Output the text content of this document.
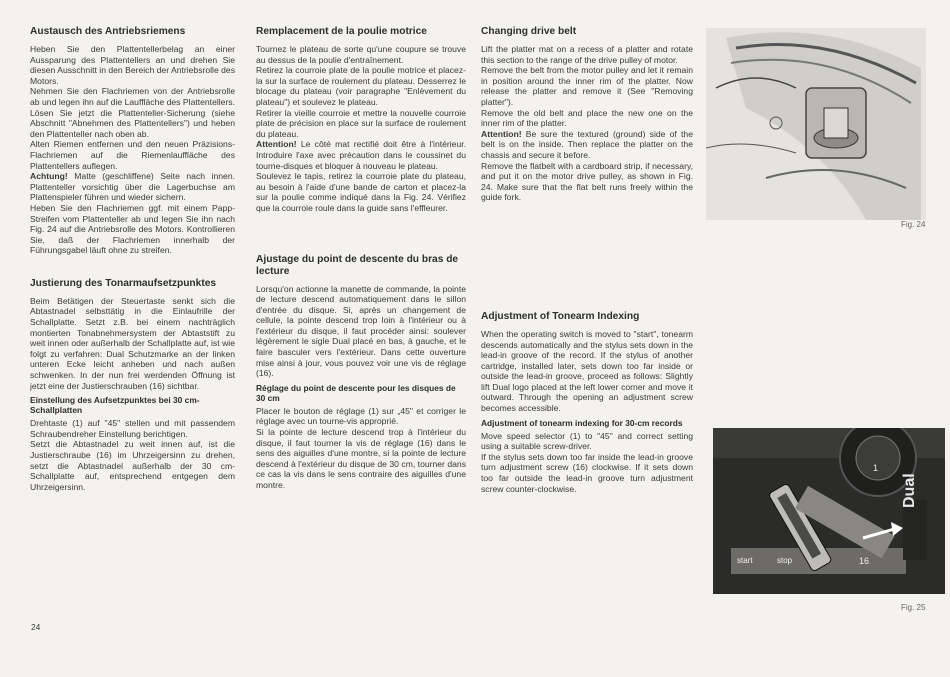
Austausch des Antriebsriemens

Heben Sie den Plattentellerbelag an einer Aussparung des Plattentellers an und drehen Sie diesen Ausschnitt in den Bereich der Antriebsrolle des Motors.

Nehmen Sie den Flachriemen von der Antriebsrolle ab und legen ihn auf die Lauffläche des Plattentellers. Lösen Sie jetzt die Plattenteller-Sicherung (siehe Abschnitt "Abnehmen des Plattentellers") und heben den Plattenteller nach oben ab.

Alten Riemen entfernen und den neuen Präzisions-Flachriemen auf die Riemenlauffläche des Plattentellers auflegen.

Achtung! Matte (geschliffene) Seite nach innen. Plattenteller vorsichtig über die Lagerbuchse am Plattenspieler führen und wieder sichern.

Heben Sie den Flachriemen ggf. mit einem Papp-Streifen vom Plattenteller ab und legen Sie ihn nach Fig. 24 auf die Antriebsrolle des Motors. Kontrollieren Sie, daß der Flachriemen innerhalb der Führungsgabel läuft ohne zu streifen.

Justierung des Tonarmaufsetzpunktes

Beim Betätigen der Steuertaste senkt sich die Abtastnadel selbsttätig in die Einlaufrille der Schallplatte. Setzt z.B. bei einem nachträglich montierten Tonabnehmersystem der Abtaststift zu weit innen oder außerhalb der Schallplatte auf, ist wie folgt zu verfahren: Dual Schutzmarke an der linken unteren Ecke leicht anheben und nach außen schwenken. In der nun frei werdenden Öffnung ist jetzt eine der Justierschrauben (16) sichtbar.

Einstellung des Aufsetzpunktes bei 30 cm-Schallplatten

Drehtaste (1) auf "45" stellen und mit passendem Schraubendreher Einstellung berichtigen.

Setzt die Abtastnadel zu weit innen auf, ist die Justierschraube (16) im Uhrzeigersinn zu drehen, setzt die Abtastnadel außerhalb der 30 cm-Schallplatte auf, entsprechend entgegen dem Uhrzeigersinn.

Remplacement de la poulie motrice

Tournez le plateau de sorte qu'une coupure se trouve au dessus de la poulie d'entraînement.

Retirez la courroie plate de la poulie motrice et placez-la sur la surface de roulement du plateau. Desserrez le blocage du plateau (voir paragraphe "Enlèvement du plateau") et soulevez le plateau.

Retirer la vieille courroie et mettre la nouvelle courroie plate de précision en place sur la surface de roulement du plateau.

Attention! Le côté mat rectifié doit être à l'intérieur. Introduire l'axe avec précaution dans le coussinet du tourne-disques et bloquer à nouveau le plateau.

Soulevez le tapis, retirez la courroie plate du plateau, au besoin à l'aide d'une bande de carton et placez-la sur la poulie comme indiqué dans la Fig. 24. Vérifiez que la courroie roule dans la guide sans l'effleurer.

Ajustage du point de descente du bras de lecture

Lorsqu'on actionne la manette de commande, la pointe de lecture descend automatiquement dans le sillon d'entrée du disque. Si, après un changement de cellule, la pointe descend trop loin à l'intérieur ou à l'extérieur du disque, il faut procéder ainsi: soulever légèrement le sigle Dual placé en bas, à gauche, et le faire basculer vers l'extérieur. Dans cette ouverture mise ainsi à jour, vous pouvez voir une vis de réglage (16).

Réglage du point de descente pour les disques de 30 cm

Placer le bouton de réglage (1) sur „45" et corriger le réglage avec un tourne-vis approprié.

Si la pointe de lecture descend trop à l'intérieur du disque, il faut tourner la vis de réglage (16) dans le sens des aiguilles d'une montre, si la pointe de lecture descend à l'extérieur du disque de 30 cm, tourner dans ce cas la vis dans le sens contraire des aiguilles d'une montre.

Changing drive belt

Lift the platter mat on a recess of a platter and rotate this section to the range of the drive pulley of motor.

Remove the belt from the motor pulley and let it remain in position around the inner rim of the platter. Now release the platter and remove it (See "Removing platter").

Remove the old belt and place the new one on the inner rim of the platter.

Attention! Be sure the textured (ground) side of the belt is on the inside. Then replace the platter on the chassis and secure it before.

Remove the flatbelt with a cardboard strip, if necessary, and put it on the motor drive pulley, as shown in Fig. 24. Make sure that the flat belt runs freely within the guide fork.

Adjustment of Tonearm Indexing

When the operating switch is moved to "start", tonearm descends automatically and the stylus sets down in the lead-in groove of the record. If the stylus of another cartridge, installed later, sets down too far inside or outside the lead-in groove, proceed as follows: Slightly lift Dual logo placed at the left lower corner and move it outward. Through the opening an adjustment screw becomes accessible.

Adjustment of tonearm indexing for 30-cm records

Move speed selector (1) to "45" and correct setting using a suitable screw-driver.

If the stylus sets down too far inside the lead-in groove turn adjustment screw (16) clockwise. If it sets down too far outside the lead-in groove turn adjustment screw counter-clockwise.

Fig. 24
1
Dual
start	stop	16
Fig. 25
24
